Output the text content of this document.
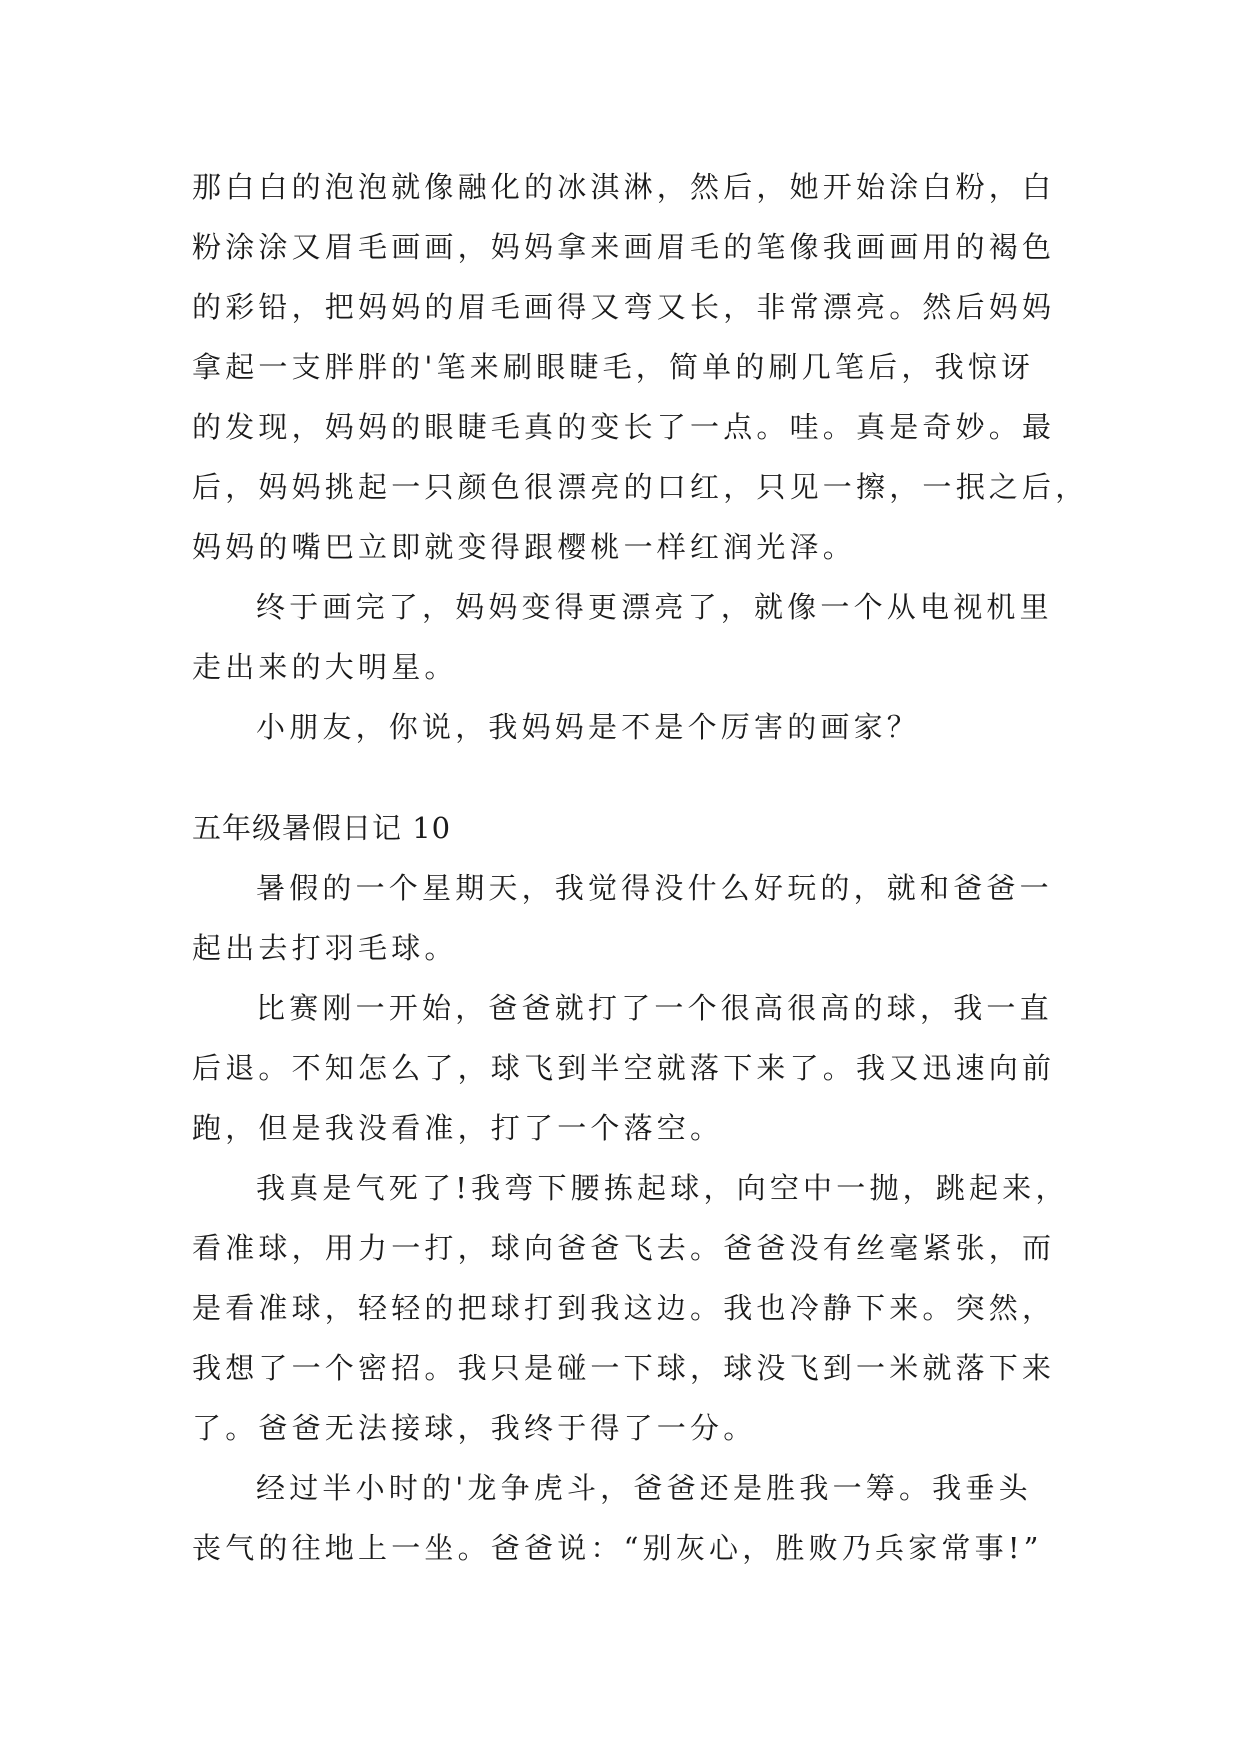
那白白的泡泡就像融化的冰淇淋，然后，她开始涂白粉，白
粉涂涂又眉毛画画，妈妈拿来画眉毛的笔像我画画用的褐色
的彩铅，把妈妈的眉毛画得又弯又长，非常漂亮。然后妈妈
拿起一支胖胖的'笔来刷眼睫毛，简单的刷几笔后，我惊讶
的发现，妈妈的眼睫毛真的变长了一点。哇。真是奇妙。最
后，妈妈挑起一只颜色很漂亮的口红，只见一擦，一抿之后，
妈妈的嘴巴立即就变得跟樱桃一样红润光泽。
终于画完了，妈妈变得更漂亮了，就像一个从电视机里
走出来的大明星。
小朋友，你说，我妈妈是不是个厉害的画家？
五年级暑假日记 10
暑假的一个星期天，我觉得没什么好玩的，就和爸爸一
起出去打羽毛球。
比赛刚一开始，爸爸就打了一个很高很高的球，我一直
后退。不知怎么了，球飞到半空就落下来了。我又迅速向前
跑，但是我没看准，打了一个落空。
我真是气死了!我弯下腰拣起球，向空中一抛，跳起来，
看准球，用力一打，球向爸爸飞去。爸爸没有丝毫紧张，而
是看准球，轻轻的把球打到我这边。我也冷静下来。突然，
我想了一个密招。我只是碰一下球，球没飞到一米就落下来
了。爸爸无法接球，我终于得了一分。
经过半小时的'龙争虎斗，爸爸还是胜我一筹。我垂头
丧气的往地上一坐。爸爸说：“别灰心，胜败乃兵家常事!”
